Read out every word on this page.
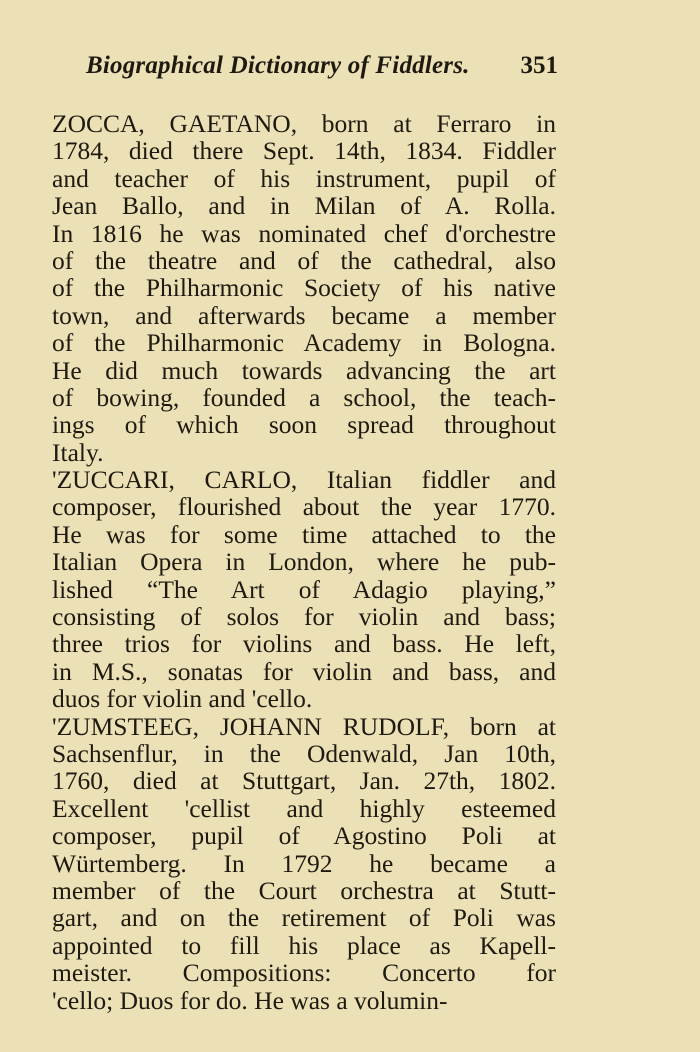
Biographical Dictionary of Fiddlers. 351
ZOCCA, GAETANO, born at Ferraro in
1784, died there Sept. 14th, 1834. Fiddler
and teacher of his instrument, pupil of
Jean Ballo, and in Milan of A. Rolla.
In 1816 he was nominated chef d'orchestre
of the theatre and of the cathedral, also
of the Philharmonic Society of his native
town, and afterwards became a member
of the Philharmonic Academy in Bologna.
He did much towards advancing the art
of bowing, founded a school, the teach-
ings of which soon spread throughout
Italy.
'ZUCCARI, CARLO, Italian fiddler and
composer, flourished about the year 1770.
He was for some time attached to the
Italian Opera in London, where he pub-
lished “The Art of Adagio playing,”
consisting of solos for violin and bass;
three trios for violins and bass. He left,
in M.S., sonatas for violin and bass, and
duos for violin and 'cello.
'ZUMSTEEG, JOHANN RUDOLF, born at
Sachsenflur, in the Odenwald, Jan 10th,
1760, died at Stuttgart, Jan. 27th, 1802.
Excellent 'cellist and highly esteemed
composer, pupil of Agostino Poli at
Würtemberg. In 1792 he became a
member of the Court orchestra at Stutt-
gart, and on the retirement of Poli was
appointed to fill his place as Kapell-
meister. Compositions: Concerto for
'cello; Duos for do. He was a volumin-
